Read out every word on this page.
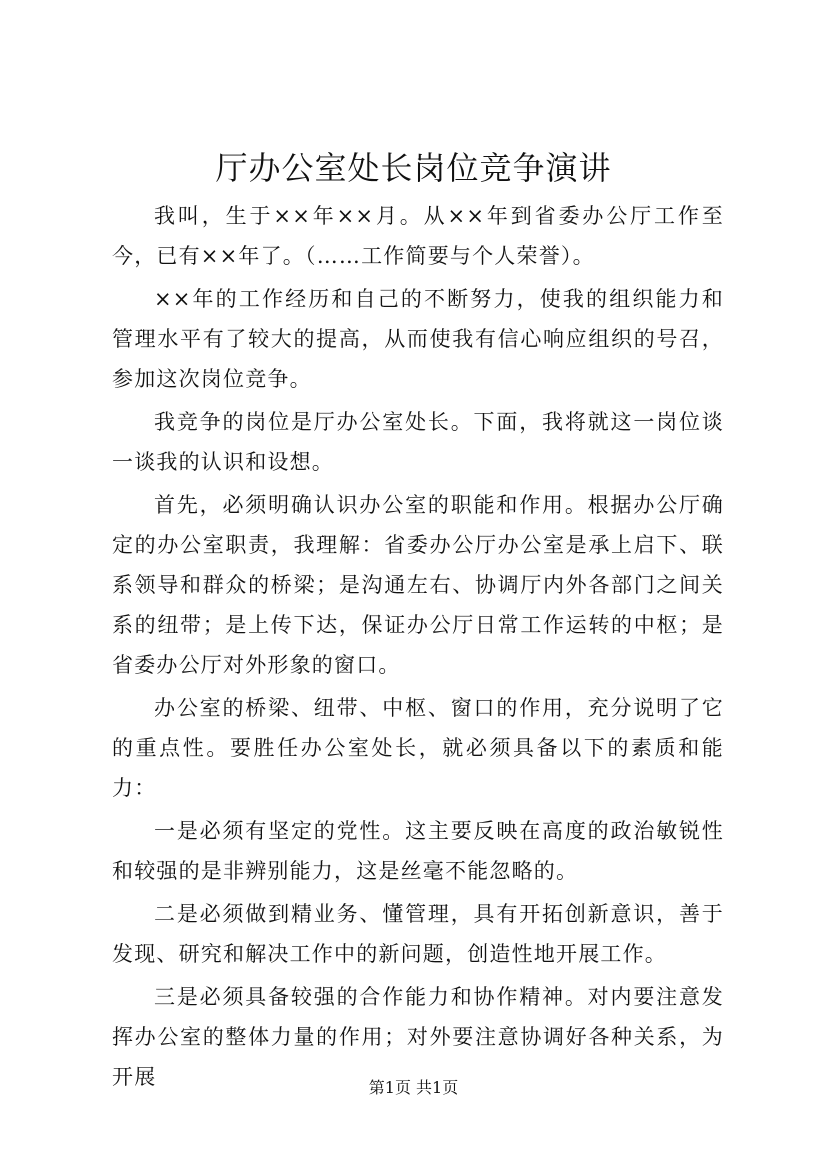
厅办公室处长岗位竞争演讲

我叫，生于××年××月。从××年到省委办公厅工作至今，已有××年了。（……工作简要与个人荣誉）。

××年的工作经历和自己的不断努力，使我的组织能力和管理水平有了较大的提高，从而使我有信心响应组织的号召，参加这次岗位竞争。

我竞争的岗位是厅办公室处长。下面，我将就这一岗位谈一谈我的认识和设想。

首先，必须明确认识办公室的职能和作用。根据办公厅确定的办公室职责，我理解：省委办公厅办公室是承上启下、联系领导和群众的桥梁；是沟通左右、协调厅内外各部门之间关系的纽带；是上传下达，保证办公厅日常工作运转的中枢；是省委办公厅对外形象的窗口。

办公室的桥梁、纽带、中枢、窗口的作用，充分说明了它的重点性。要胜任办公室处长，就必须具备以下的素质和能力：

一是必须有坚定的党性。这主要反映在高度的政治敏锐性和较强的是非辨别能力，这是丝毫不能忽略的。

二是必须做到精业务、懂管理，具有开拓创新意识，善于发现、研究和解决工作中的新问题，创造性地开展工作。

三是必须具备较强的合作能力和协作精神。对内要注意发挥办公室的整体力量的作用；对外要注意协调好各种关系，为开展	第1页 共1页
